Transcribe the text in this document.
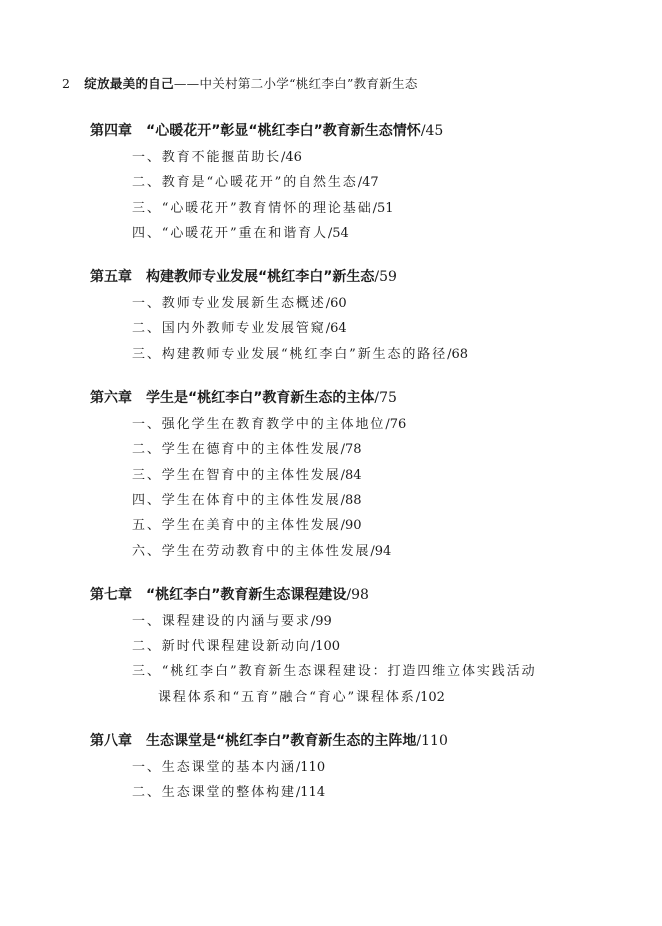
2 绽放最美的自己——中关村第二小学“桃红李白”教育新生态
第四章 “心暖花开”彰显“桃红李白”教育新生态情怀/45
一、教育不能揠苗助长/46
二、教育是“心暖花开”的自然生态/47
三、“心暖花开”教育情怀的理论基础/51
四、“心暖花开”重在和谐育人/54
第五章 构建教师专业发展“桃红李白”新生态/59
一、教师专业发展新生态概述/60
二、国内外教师专业发展管窥/64
三、构建教师专业发展“桃红李白”新生态的路径/68
第六章 学生是“桃红李白”教育新生态的主体/75
一、强化学生在教育教学中的主体地位/76
二、学生在德育中的主体性发展/78
三、学生在智育中的主体性发展/84
四、学生在体育中的主体性发展/88
五、学生在美育中的主体性发展/90
六、学生在劳动教育中的主体性发展/94
第七章 “桃红李白”教育新生态课程建设/98
一、课程建设的内涵与要求/99
二、新时代课程建设新动向/100
三、“桃红李白”教育新生态课程建设：打造四维立体实践活动
课程体系和“五育”融合“育心”课程体系/102
第八章 生态课堂是“桃红李白”教育新生态的主阵地/110
一、生态课堂的基本内涵/110
二、生态课堂的整体构建/114
